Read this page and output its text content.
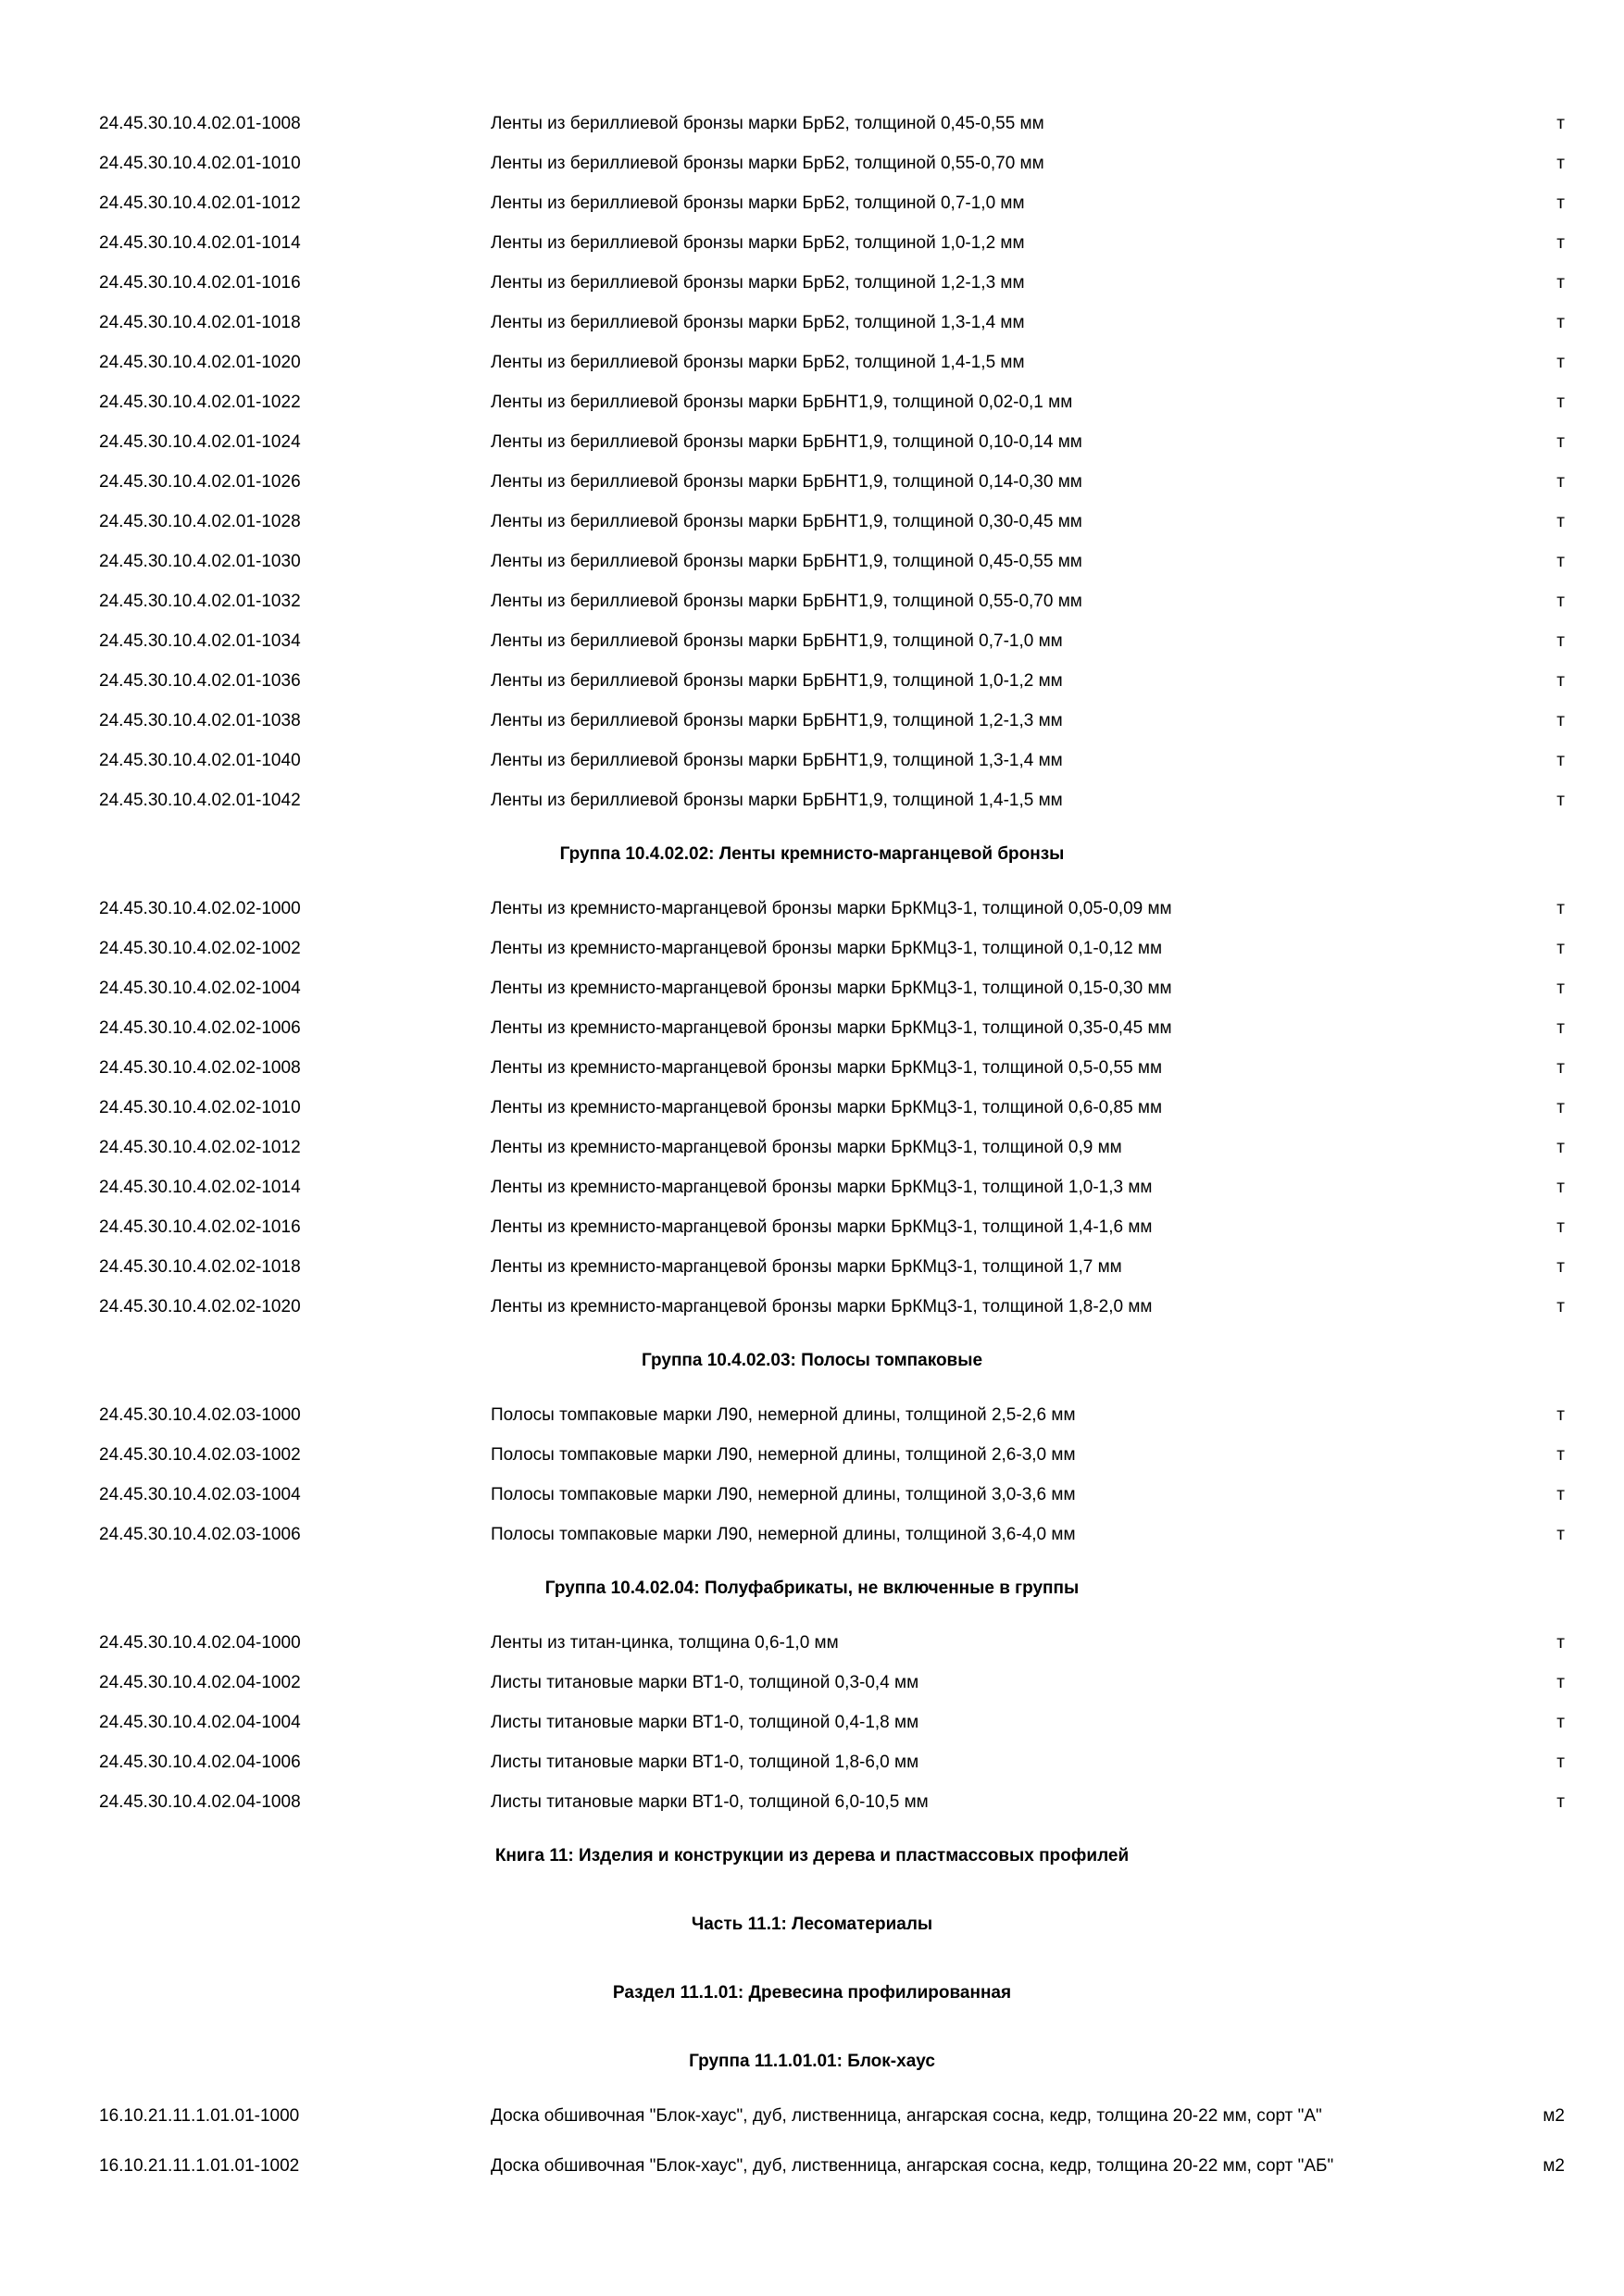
24.45.30.10.4.02.01-1008	Ленты из бериллиевой бронзы марки БрБ2, толщиной 0,45-0,55 мм	т
24.45.30.10.4.02.01-1010	Ленты из бериллиевой бронзы марки БрБ2, толщиной 0,55-0,70 мм	т
24.45.30.10.4.02.01-1012	Ленты из бериллиевой бронзы марки БрБ2, толщиной 0,7-1,0 мм	т
24.45.30.10.4.02.01-1014	Ленты из бериллиевой бронзы марки БрБ2, толщиной 1,0-1,2 мм	т
24.45.30.10.4.02.01-1016	Ленты из бериллиевой бронзы марки БрБ2, толщиной 1,2-1,3 мм	т
24.45.30.10.4.02.01-1018	Ленты из бериллиевой бронзы марки БрБ2, толщиной 1,3-1,4 мм	т
24.45.30.10.4.02.01-1020	Ленты из бериллиевой бронзы марки БрБ2, толщиной 1,4-1,5 мм	т
24.45.30.10.4.02.01-1022	Ленты из бериллиевой бронзы марки БрБНТ1,9, толщиной 0,02-0,1 мм	т
24.45.30.10.4.02.01-1024	Ленты из бериллиевой бронзы марки БрБНТ1,9, толщиной 0,10-0,14 мм	т
24.45.30.10.4.02.01-1026	Ленты из бериллиевой бронзы марки БрБНТ1,9, толщиной 0,14-0,30 мм	т
24.45.30.10.4.02.01-1028	Ленты из бериллиевой бронзы марки БрБНТ1,9, толщиной 0,30-0,45 мм	т
24.45.30.10.4.02.01-1030	Ленты из бериллиевой бронзы марки БрБНТ1,9, толщиной 0,45-0,55 мм	т
24.45.30.10.4.02.01-1032	Ленты из бериллиевой бронзы марки БрБНТ1,9, толщиной 0,55-0,70 мм	т
24.45.30.10.4.02.01-1034	Ленты из бериллиевой бронзы марки БрБНТ1,9, толщиной 0,7-1,0 мм	т
24.45.30.10.4.02.01-1036	Ленты из бериллиевой бронзы марки БрБНТ1,9, толщиной 1,0-1,2 мм	т
24.45.30.10.4.02.01-1038	Ленты из бериллиевой бронзы марки БрБНТ1,9, толщиной 1,2-1,3 мм	т
24.45.30.10.4.02.01-1040	Ленты из бериллиевой бронзы марки БрБНТ1,9, толщиной 1,3-1,4 мм	т
24.45.30.10.4.02.01-1042	Ленты из бериллиевой бронзы марки БрБНТ1,9, толщиной 1,4-1,5 мм	т
Группа 10.4.02.02: Ленты кремнисто-марганцевой бронзы
24.45.30.10.4.02.02-1000	Ленты из кремнисто-марганцевой бронзы марки БрКМц3-1, толщиной 0,05-0,09 мм	т
24.45.30.10.4.02.02-1002	Ленты из кремнисто-марганцевой бронзы марки БрКМц3-1, толщиной 0,1-0,12 мм	т
24.45.30.10.4.02.02-1004	Ленты из кремнисто-марганцевой бронзы марки БрКМц3-1, толщиной 0,15-0,30 мм	т
24.45.30.10.4.02.02-1006	Ленты из кремнисто-марганцевой бронзы марки БрКМц3-1, толщиной 0,35-0,45 мм	т
24.45.30.10.4.02.02-1008	Ленты из кремнисто-марганцевой бронзы марки БрКМц3-1, толщиной 0,5-0,55 мм	т
24.45.30.10.4.02.02-1010	Ленты из кремнисто-марганцевой бронзы марки БрКМц3-1, толщиной 0,6-0,85 мм	т
24.45.30.10.4.02.02-1012	Ленты из кремнисто-марганцевой бронзы марки БрКМц3-1, толщиной 0,9 мм	т
24.45.30.10.4.02.02-1014	Ленты из кремнисто-марганцевой бронзы марки БрКМц3-1, толщиной 1,0-1,3 мм	т
24.45.30.10.4.02.02-1016	Ленты из кремнисто-марганцевой бронзы марки БрКМц3-1, толщиной 1,4-1,6 мм	т
24.45.30.10.4.02.02-1018	Ленты из кремнисто-марганцевой бронзы марки БрКМц3-1, толщиной 1,7 мм	т
24.45.30.10.4.02.02-1020	Ленты из кремнисто-марганцевой бронзы марки БрКМц3-1, толщиной 1,8-2,0 мм	т
Группа 10.4.02.03: Полосы томпаковые
24.45.30.10.4.02.03-1000	Полосы томпаковые марки Л90, немерной длины, толщиной 2,5-2,6 мм	т
24.45.30.10.4.02.03-1002	Полосы томпаковые марки Л90, немерной длины, толщиной 2,6-3,0 мм	т
24.45.30.10.4.02.03-1004	Полосы томпаковые марки Л90, немерной длины, толщиной 3,0-3,6 мм	т
24.45.30.10.4.02.03-1006	Полосы томпаковые марки Л90, немерной длины, толщиной 3,6-4,0 мм	т
Группа 10.4.02.04: Полуфабрикаты, не включенные в группы
24.45.30.10.4.02.04-1000	Ленты из титан-цинка, толщина 0,6-1,0 мм	т
24.45.30.10.4.02.04-1002	Листы титановые марки ВТ1-0, толщиной 0,3-0,4 мм	т
24.45.30.10.4.02.04-1004	Листы титановые марки ВТ1-0, толщиной 0,4-1,8 мм	т
24.45.30.10.4.02.04-1006	Листы титановые марки ВТ1-0, толщиной 1,8-6,0 мм	т
24.45.30.10.4.02.04-1008	Листы титановые марки ВТ1-0, толщиной 6,0-10,5 мм	т
Книга 11: Изделия и конструкции из дерева и пластмассовых профилей
Часть 11.1: Лесоматериалы
Раздел 11.1.01: Древесина профилированная
Группа 11.1.01.01: Блок-хаус
16.10.21.11.1.01.01-1000	Доска обшивочная "Блок-хаус", дуб, лиственница, ангарская сосна, кедр, толщина 20-22 мм, сорт "А"	м2
16.10.21.11.1.01.01-1002	Доска обшивочная "Блок-хаус", дуб, лиственница, ангарская сосна, кедр, толщина 20-22 мм, сорт "АБ"	м2
